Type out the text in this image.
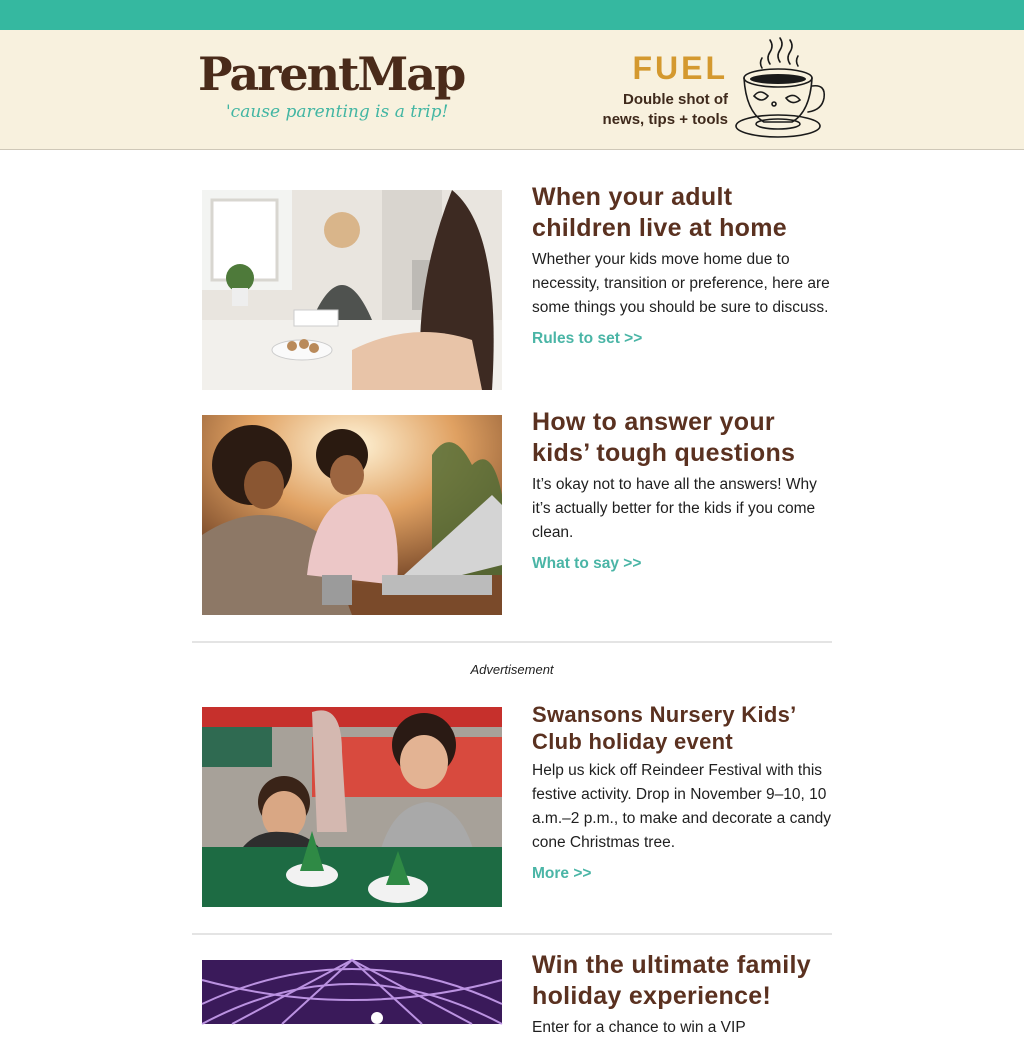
ParentMap
'cause parenting is a trip!
FUEL
Double shot of
news, tips + tools
When your adult children live at home
Whether your kids move home due to necessity, transition or preference, here are some things you should be sure to discuss.
Rules to set >>
How to answer your kids’ tough questions
It’s okay not to have all the answers! Why it’s actually better for the kids if you come clean.
What to say >>
Advertisement
Swansons Nursery Kids’ Club holiday event
Help us kick off Reindeer Festival with this festive activity. Drop in November 9–10, 10 a.m.–2 p.m., to make and decorate a candy cone Christmas tree.
More >>
Win the ultimate family holiday experience!
Enter for a chance to win a VIP
